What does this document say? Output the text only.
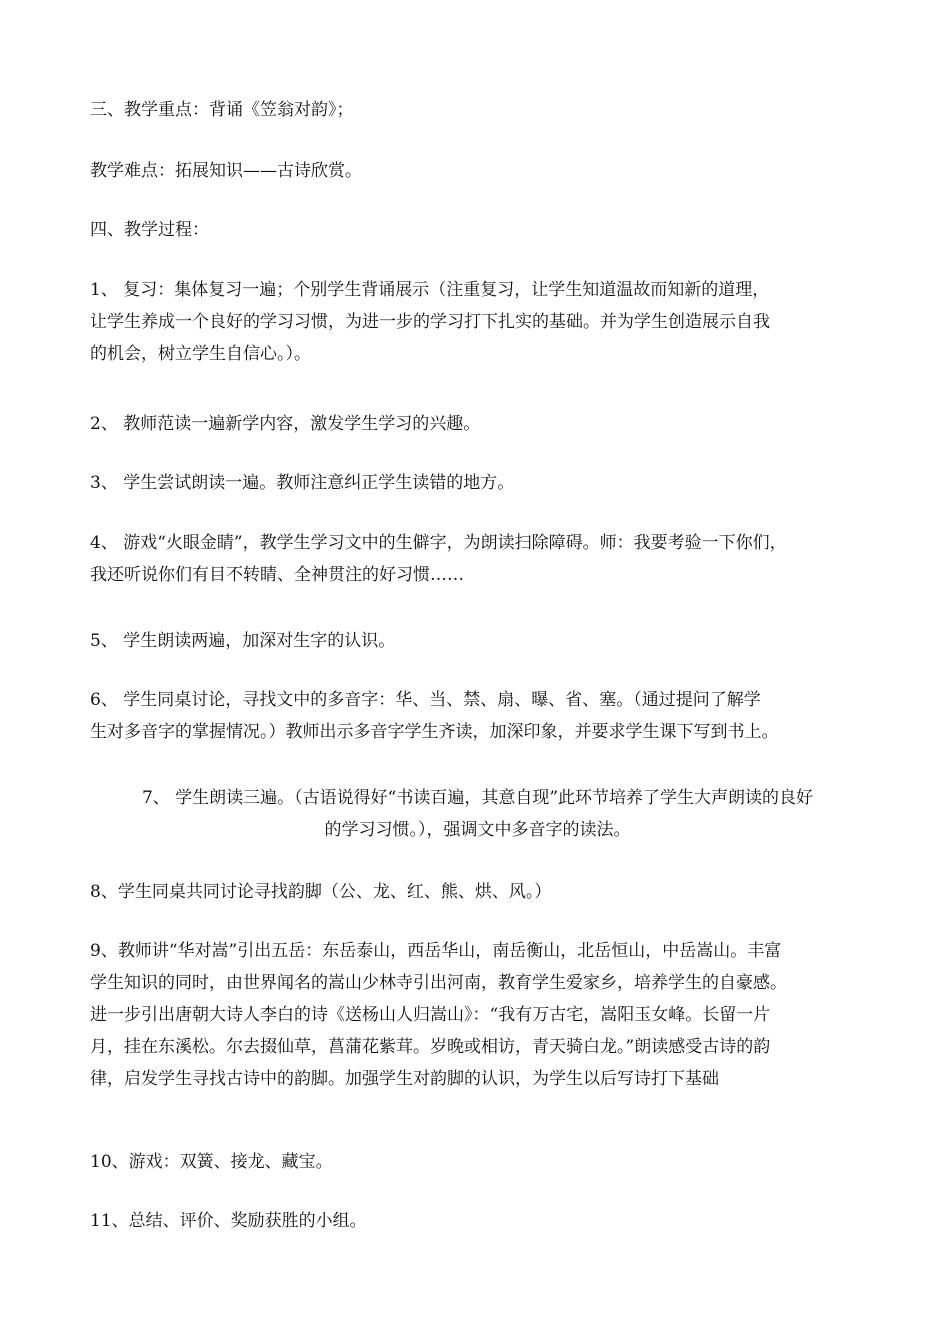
三、教学重点：背诵《笠翁对韵》；

教学难点：拓展知识——古诗欣赏。

四、教学过程：

1、 复习：集体复习一遍；个别学生背诵展示（注重复习，让学生知道温故而知新的道理，
让学生养成一个良好的学习习惯，为进一步的学习打下扎实的基础。并为学生创造展示自我
的机会，树立学生自信心。）。

2、 教师范读一遍新学内容，激发学生学习的兴趣。

3、 学生尝试朗读一遍。教师注意纠正学生读错的地方。

4、 游戏“火眼金睛”，教学生学习文中的生僻字，为朗读扫除障碍。师：我要考验一下你们，
我还听说你们有目不转睛、全神贯注的好习惯……

5、 学生朗读两遍，加深对生字的认识。

6、 学生同桌讨论，寻找文中的多音字：华、当、禁、扇、曝、省、塞。（通过提问了解学
生对多音字的掌握情况。）教师出示多音字学生齐读，加深印象，并要求学生课下写到书上。
7、 学生朗读三遍。（古语说得好“书读百遍，其意自现”此环节培养了学生大声朗读的良好
的学习习惯。），强调文中多音字的读法。

8、学生同桌共同讨论寻找韵脚（公、龙、红、熊、烘、风。）

9、教师讲“华对嵩”引出五岳：东岳泰山，西岳华山，南岳衡山，北岳恒山，中岳嵩山。丰富
学生知识的同时，由世界闻名的嵩山少林寺引出河南，教育学生爱家乡，培养学生的自豪感。
进一步引出唐朝大诗人李白的诗《送杨山人归嵩山》：“我有万古宅，嵩阳玉女峰。长留一片
月，挂在东溪松。尔去掇仙草，菖蒲花紫茸。岁晚或相访，青天骑白龙。”朗读感受古诗的韵
律，启发学生寻找古诗中的韵脚。加强学生对韵脚的认识，为学生以后写诗打下基础

10、游戏：双簧、接龙、藏宝。

11、总结、评价、奖励获胜的小组。
